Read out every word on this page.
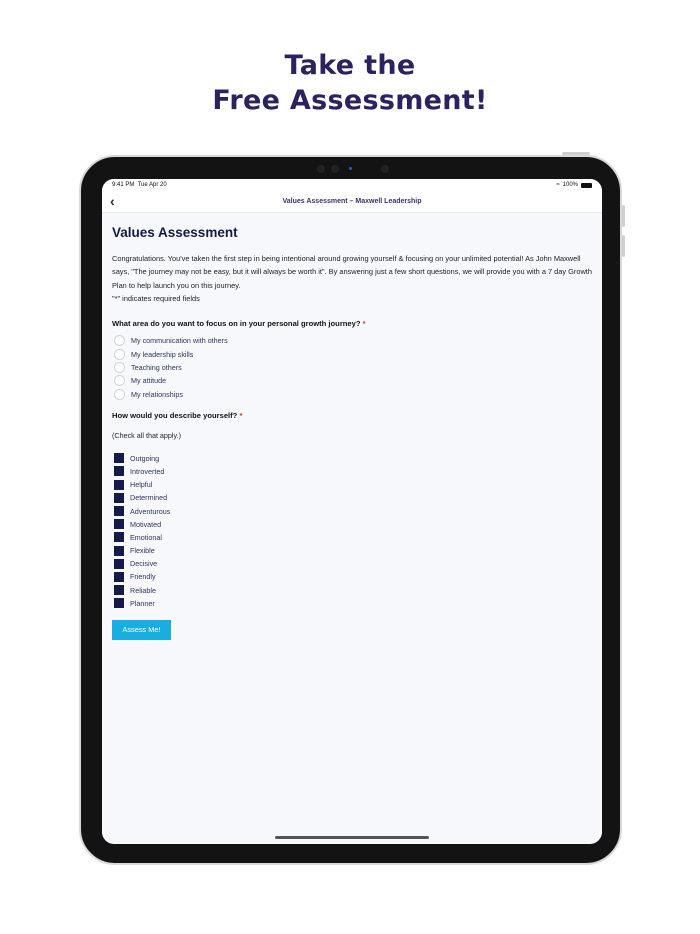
Take the
Free Assessment!
9:41 PM Tue Apr 20	≈ 100%
‹	Values Assessment – Maxwell Leadership
Values Assessment

Congratulations. You've taken the first step in being intentional around growing yourself & focusing on your unlimited potential! As John Maxwell says, "The journey may not be easy, but it will always be worth it". By answering just a few short questions, we will provide you with a 7 day Growth Plan to help launch you on this journey.

"*" indicates required fields

What area do you want to focus on in your personal growth journey? *
My communication with others
My leadership skills
Teaching others
My attitude
My relationships
How would you describe yourself? *
(Check all that apply.)
Outgoing
Introverted
Helpful
Determined
Adventurous
Motivated
Emotional
Flexible
Decisive
Friendly
Reliable
Planner
Assess Me!
